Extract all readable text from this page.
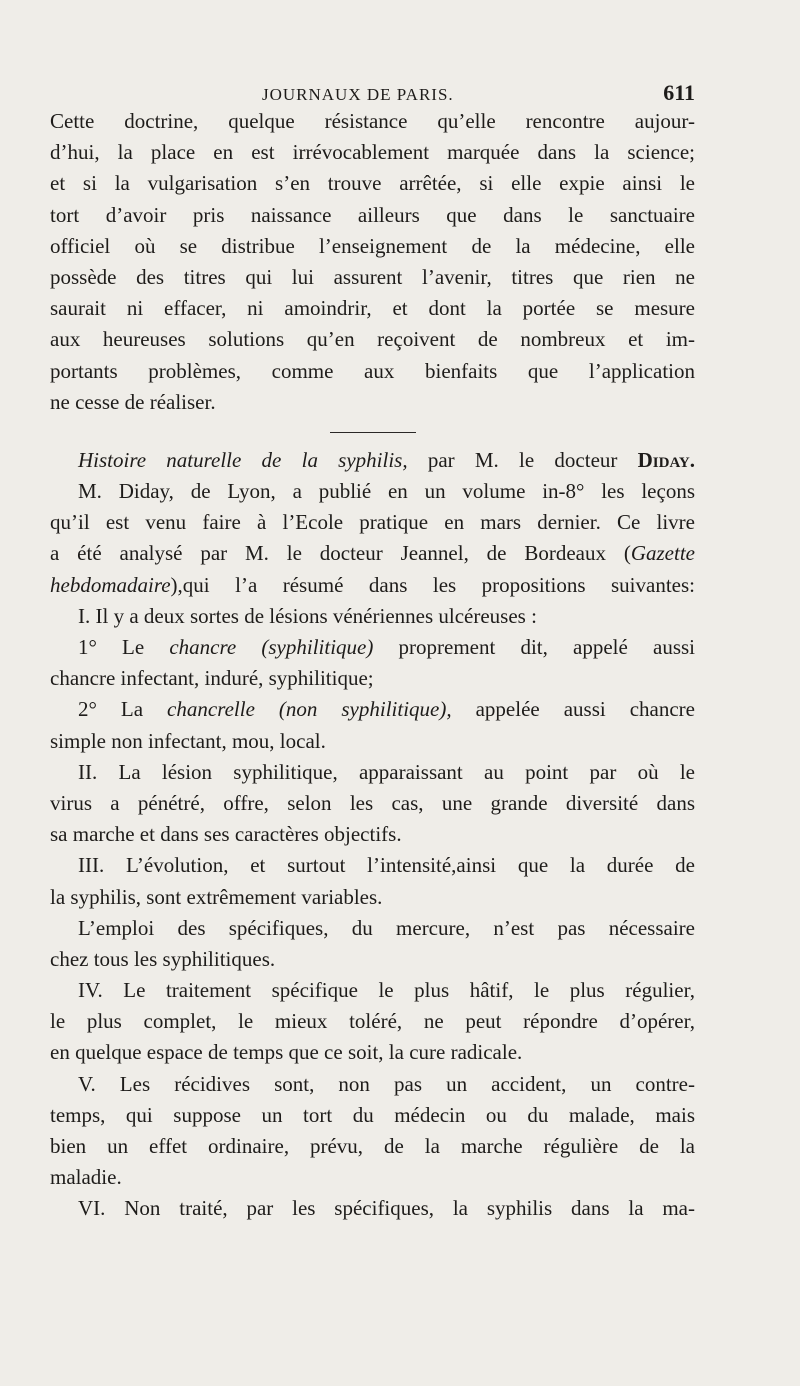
JOURNAUX DE PARIS.	611
Cette doctrine, quelque résistance qu’elle rencontre aujour-
d’hui, la place en est irrévocablement marquée dans la science;
et si la vulgarisation s’en trouve arrêtée, si elle expie ainsi le
tort d’avoir pris naissance ailleurs que dans le sanctuaire
officiel où se distribue l’enseignement de la médecine, elle
possède des titres qui lui assurent l’avenir, titres que rien ne
saurait ni effacer, ni amoindrir, et dont la portée se mesure
aux heureuses solutions qu’en reçoivent de nombreux et im-
portants problèmes, comme aux bienfaits que l’application
ne cesse de réaliser.
Histoire naturelle de la syphilis, par M. le docteur Diday.
M. Diday, de Lyon, a publié en un volume in-8° les leçons
qu’il est venu faire à l’Ecole pratique en mars dernier. Ce livre
a été analysé par M. le docteur Jeannel, de Bordeaux (Gazette
hebdomadaire),qui l’a résumé dans les propositions suivantes:
I. Il y a deux sortes de lésions vénériennes ulcéreuses :
1° Le chancre (syphilitique) proprement dit, appelé aussi
chancre infectant, induré, syphilitique;
2° La chancrelle (non syphilitique), appelée aussi chancre
simple non infectant, mou, local.
II. La lésion syphilitique, apparaissant au point par où le
virus a pénétré, offre, selon les cas, une grande diversité dans
sa marche et dans ses caractères objectifs.
III. L’évolution, et surtout l’intensité,ainsi que la durée de
la syphilis, sont extrêmement variables.
L’emploi des spécifiques, du mercure, n’est pas nécessaire
chez tous les syphilitiques.
IV. Le traitement spécifique le plus hâtif, le plus régulier,
le plus complet, le mieux toléré, ne peut répondre d’opérer,
en quelque espace de temps que ce soit, la cure radicale.
V. Les récidives sont, non pas un accident, un contre-
temps, qui suppose un tort du médecin ou du malade, mais
bien un effet ordinaire, prévu, de la marche régulière de la
maladie.
VI. Non traité, par les spécifiques, la syphilis dans la ma-
